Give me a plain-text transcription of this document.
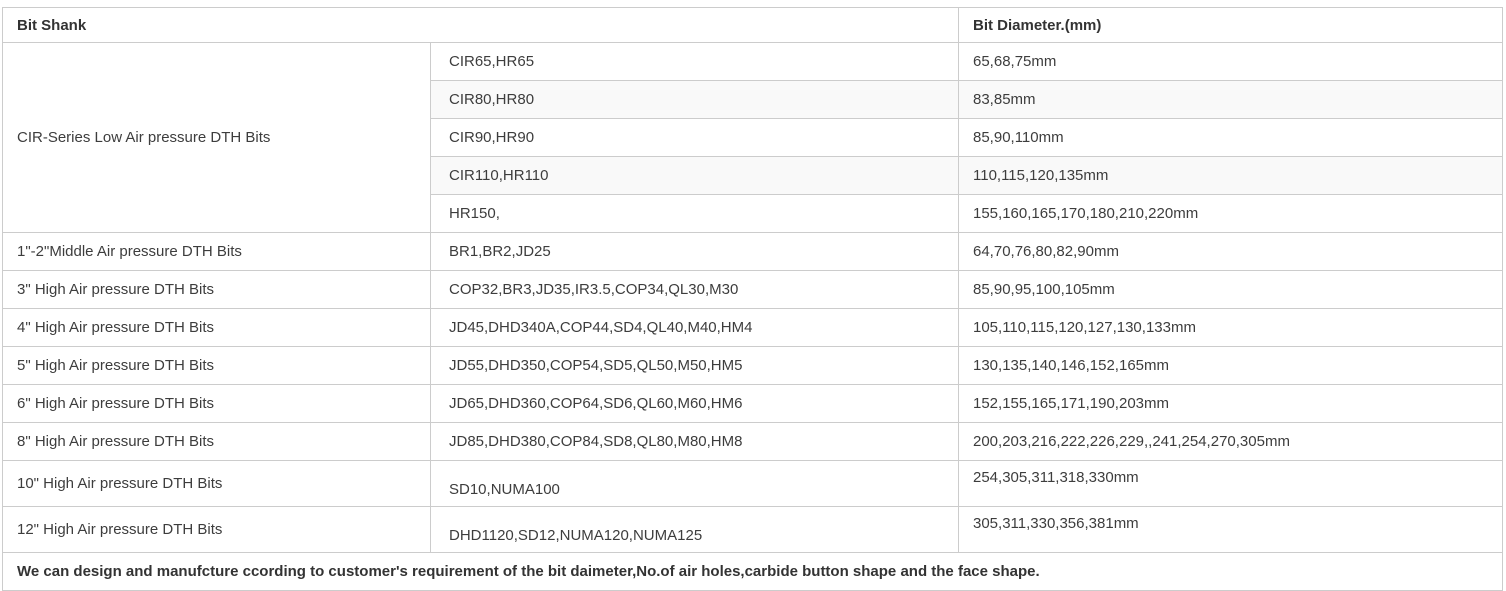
Bit Shank		Bit Diameter.(mm)
CIR-Series Low Air pressure DTH Bits	CIR65,HR65	65,68,75mm
	CIR80,HR80	83,85mm
	CIR90,HR90	85,90,110mm
	CIR110,HR110	110,115,120,135mm
	HR150,	155,160,165,170,180,210,220mm
1"-2"Middle Air pressure DTH Bits	BR1,BR2,JD25	64,70,76,80,82,90mm
3" High Air pressure DTH Bits	COP32,BR3,JD35,IR3.5,COP34,QL30,M30	85,90,95,100,105mm
4" High Air pressure DTH Bits	JD45,DHD340A,COP44,SD4,QL40,M40,HM4	105,110,115,120,127,130,133mm
5" High Air pressure DTH Bits	JD55,DHD350,COP54,SD5,QL50,M50,HM5	130,135,140,146,152,165mm
6" High Air pressure DTH Bits	JD65,DHD360,COP64,SD6,QL60,M60,HM6	152,155,165,171,190,203mm
8" High Air pressure DTH Bits	JD85,DHD380,COP84,SD8,QL80,M80,HM8	200,203,216,222,226,229,,241,254,270,305mm
10" High Air pressure DTH Bits	SD10,NUMA100	254,305,311,318,330mm
12" High Air pressure DTH Bits	DHD1120,SD12,NUMA120,NUMA125	305,311,330,356,381mm
We can design and manufcture ccording to customer's requirement of the bit daimeter,No.of air holes,carbide button shape and the face shape.		
